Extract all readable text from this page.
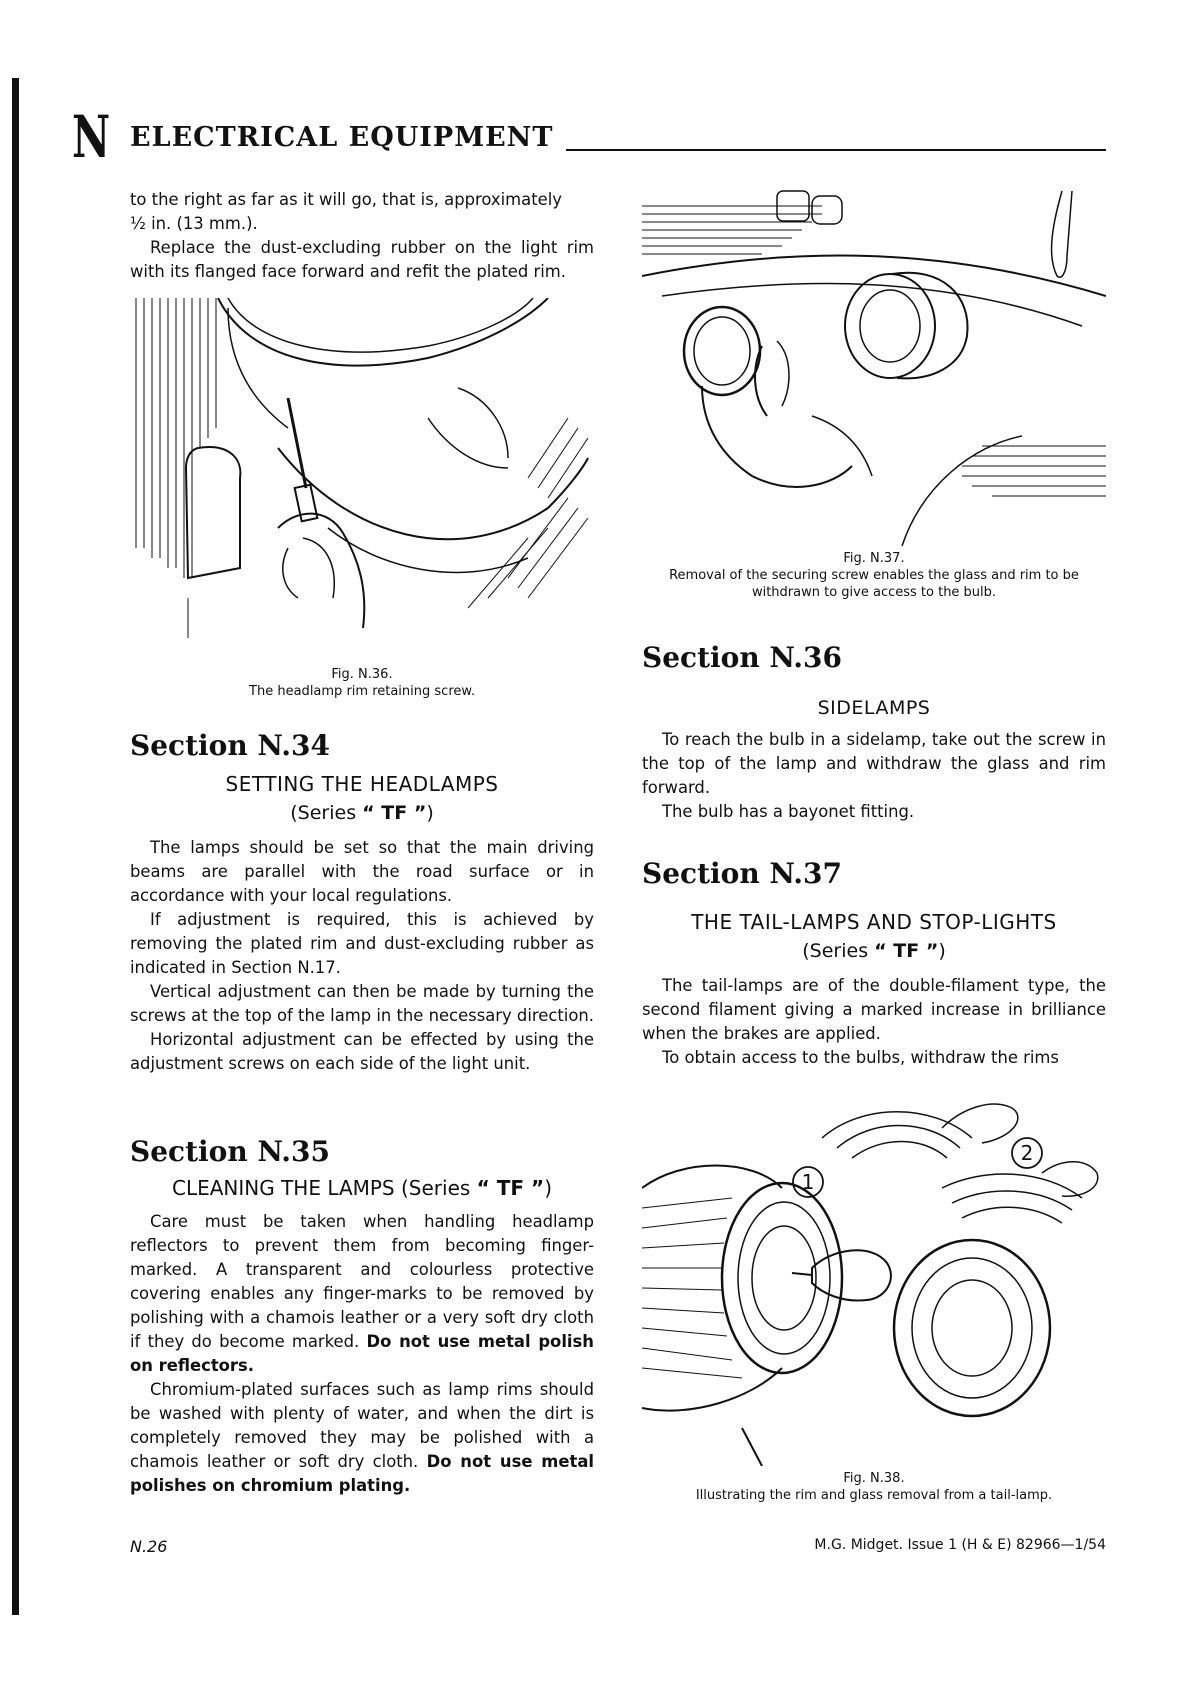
N ELECTRICAL EQUIPMENT

to the right as far as it will go, that is, approximately

½ in. (13 mm.).

Replace the dust-excluding rubber on the light rim with its flanged face forward and refit the plated rim.

Fig. N.36.
The headlamp rim retaining screw.
Section N.34
SETTING THE HEADLAMPS
(Series “ TF ”)

The lamps should be set so that the main driving beams are parallel with the road surface or in accordance with your local regulations.

If adjustment is required, this is achieved by removing the plated rim and dust-excluding rubber as indicated in Section N.17.

Vertical adjustment can then be made by turning the screws at the top of the lamp in the necessary direction.

Horizontal adjustment can be effected by using the adjustment screws on each side of the light unit.

Section N.35
CLEANING THE LAMPS (Series “ TF ”)

Care must be taken when handling headlamp reflectors to prevent them from becoming finger-marked. A transparent and colourless protective covering enables any finger-marks to be removed by polishing with a chamois leather or a very soft dry cloth if they do become marked. Do not use metal polish on reflectors.

Chromium-plated surfaces such as lamp rims should be washed with plenty of water, and when the dirt is completely removed they may be polished with a chamois leather or soft dry cloth. Do not use metal polishes on chromium plating.

Fig. N.37.
Removal of the securing screw enables the glass and rim to be withdrawn to give access to the bulb.
Section N.36
SIDELAMPS

To reach the bulb in a sidelamp, take out the screw in the top of the lamp and withdraw the glass and rim forward.

The bulb has a bayonet fitting.

Section N.37
THE TAIL-LAMPS AND STOP-LIGHTS
(Series “ TF ”)

The tail-lamps are of the double-filament type, the second filament giving a marked increase in brilliance when the brakes are applied.

To obtain access to the bulbs, withdraw the rims

1
2
Fig. N.38.
Illustrating the rim and glass removal from a tail-lamp.
N.26	M.G. Midget. Issue 1 (H & E) 82966—1/54
